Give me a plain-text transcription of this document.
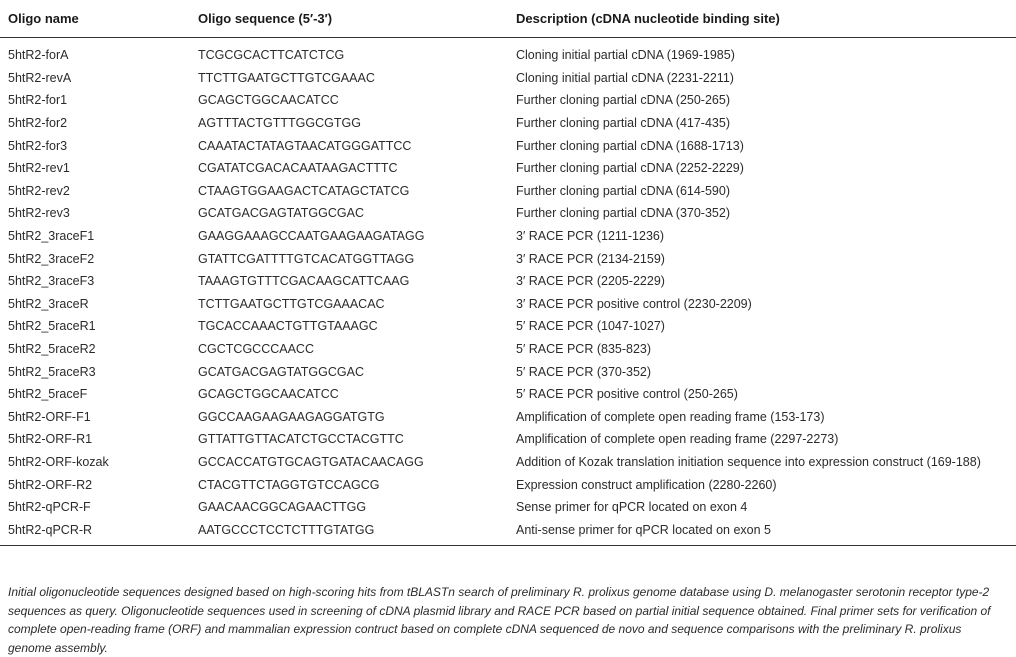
Oligo name	Oligo sequence (5′-3′)	Description (cDNA nucleotide binding site)
5htR2-forA	TCGCGCACTTCATCTCG	Cloning initial partial cDNA (1969-1985)
5htR2-revA	TTCTTGAATGCTTGTCGAAAC	Cloning initial partial cDNA (2231-2211)
5htR2-for1	GCAGCTGGCAACATCC	Further cloning partial cDNA (250-265)
5htR2-for2	AGTTTACTGTTTGGCGTGG	Further cloning partial cDNA (417-435)
5htR2-for3	CAAATACTATAGTAACATGGGATTCC	Further cloning partial cDNA (1688-1713)
5htR2-rev1	CGATATCGACACAATAAGACTTTC	Further cloning partial cDNA (2252-2229)
5htR2-rev2	CTAAGTGGAAGACTCATAGCTATCG	Further cloning partial cDNA (614-590)
5htR2-rev3	GCATGACGAGTATGGCGAC	Further cloning partial cDNA (370-352)
5htR2_3raceF1	GAAGGAAAGCCAATGAAGAAGATAGG	3′ RACE PCR (1211-1236)
5htR2_3raceF2	GTATTCGATTTTGTCACATGGTTAGG	3′ RACE PCR (2134-2159)
5htR2_3raceF3	TAAAGTGTTTCGACAAGCATTCAAG	3′ RACE PCR (2205-2229)
5htR2_3raceR	TCTTGAATGCTTGTCGAAACAC	3′ RACE PCR positive control (2230-2209)
5htR2_5raceR1	TGCACCAAACTGTTGTAAAGC	5′ RACE PCR (1047-1027)
5htR2_5raceR2	CGCTCGCCCAACC	5′ RACE PCR (835-823)
5htR2_5raceR3	GCATGACGAGTATGGCGAC	5′ RACE PCR (370-352)
5htR2_5raceF	GCAGCTGGCAACATCC	5′ RACE PCR positive control (250-265)
5htR2-ORF-F1	GGCCAAGAAGAAGAGGATGTG	Amplification of complete open reading frame (153-173)
5htR2-ORF-R1	GTTATTGTTACATCTGCCTACGTTC	Amplification of complete open reading frame (2297-2273)
5htR2-ORF-kozak	GCCACCATGTGCAGTGATACAACAGG	Addition of Kozak translation initiation sequence into expression construct (169-188)
5htR2-ORF-R2	CTACGTTCTAGGTGTCCAGCG	Expression construct amplification (2280-2260)
5htR2-qPCR-F	GAACAACGGCAGAACTTGG	Sense primer for qPCR located on exon 4
5htR2-qPCR-R	AATGCCCTCCTCTTTGTATGG	Anti-sense primer for qPCR located on exon 5
Initial oligonucleotide sequences designed based on high-scoring hits from tBLASTn search of preliminary R. prolixus genome database using D. melanogaster serotonin receptor type-2 sequences as query. Oligonucleotide sequences used in screening of cDNA plasmid library and RACE PCR based on partial initial sequence obtained. Final primer sets for verification of complete open-reading frame (ORF) and mammalian expression contruct based on complete cDNA sequenced de novo and sequence comparisons with the preliminary R. prolixus genome assembly.
